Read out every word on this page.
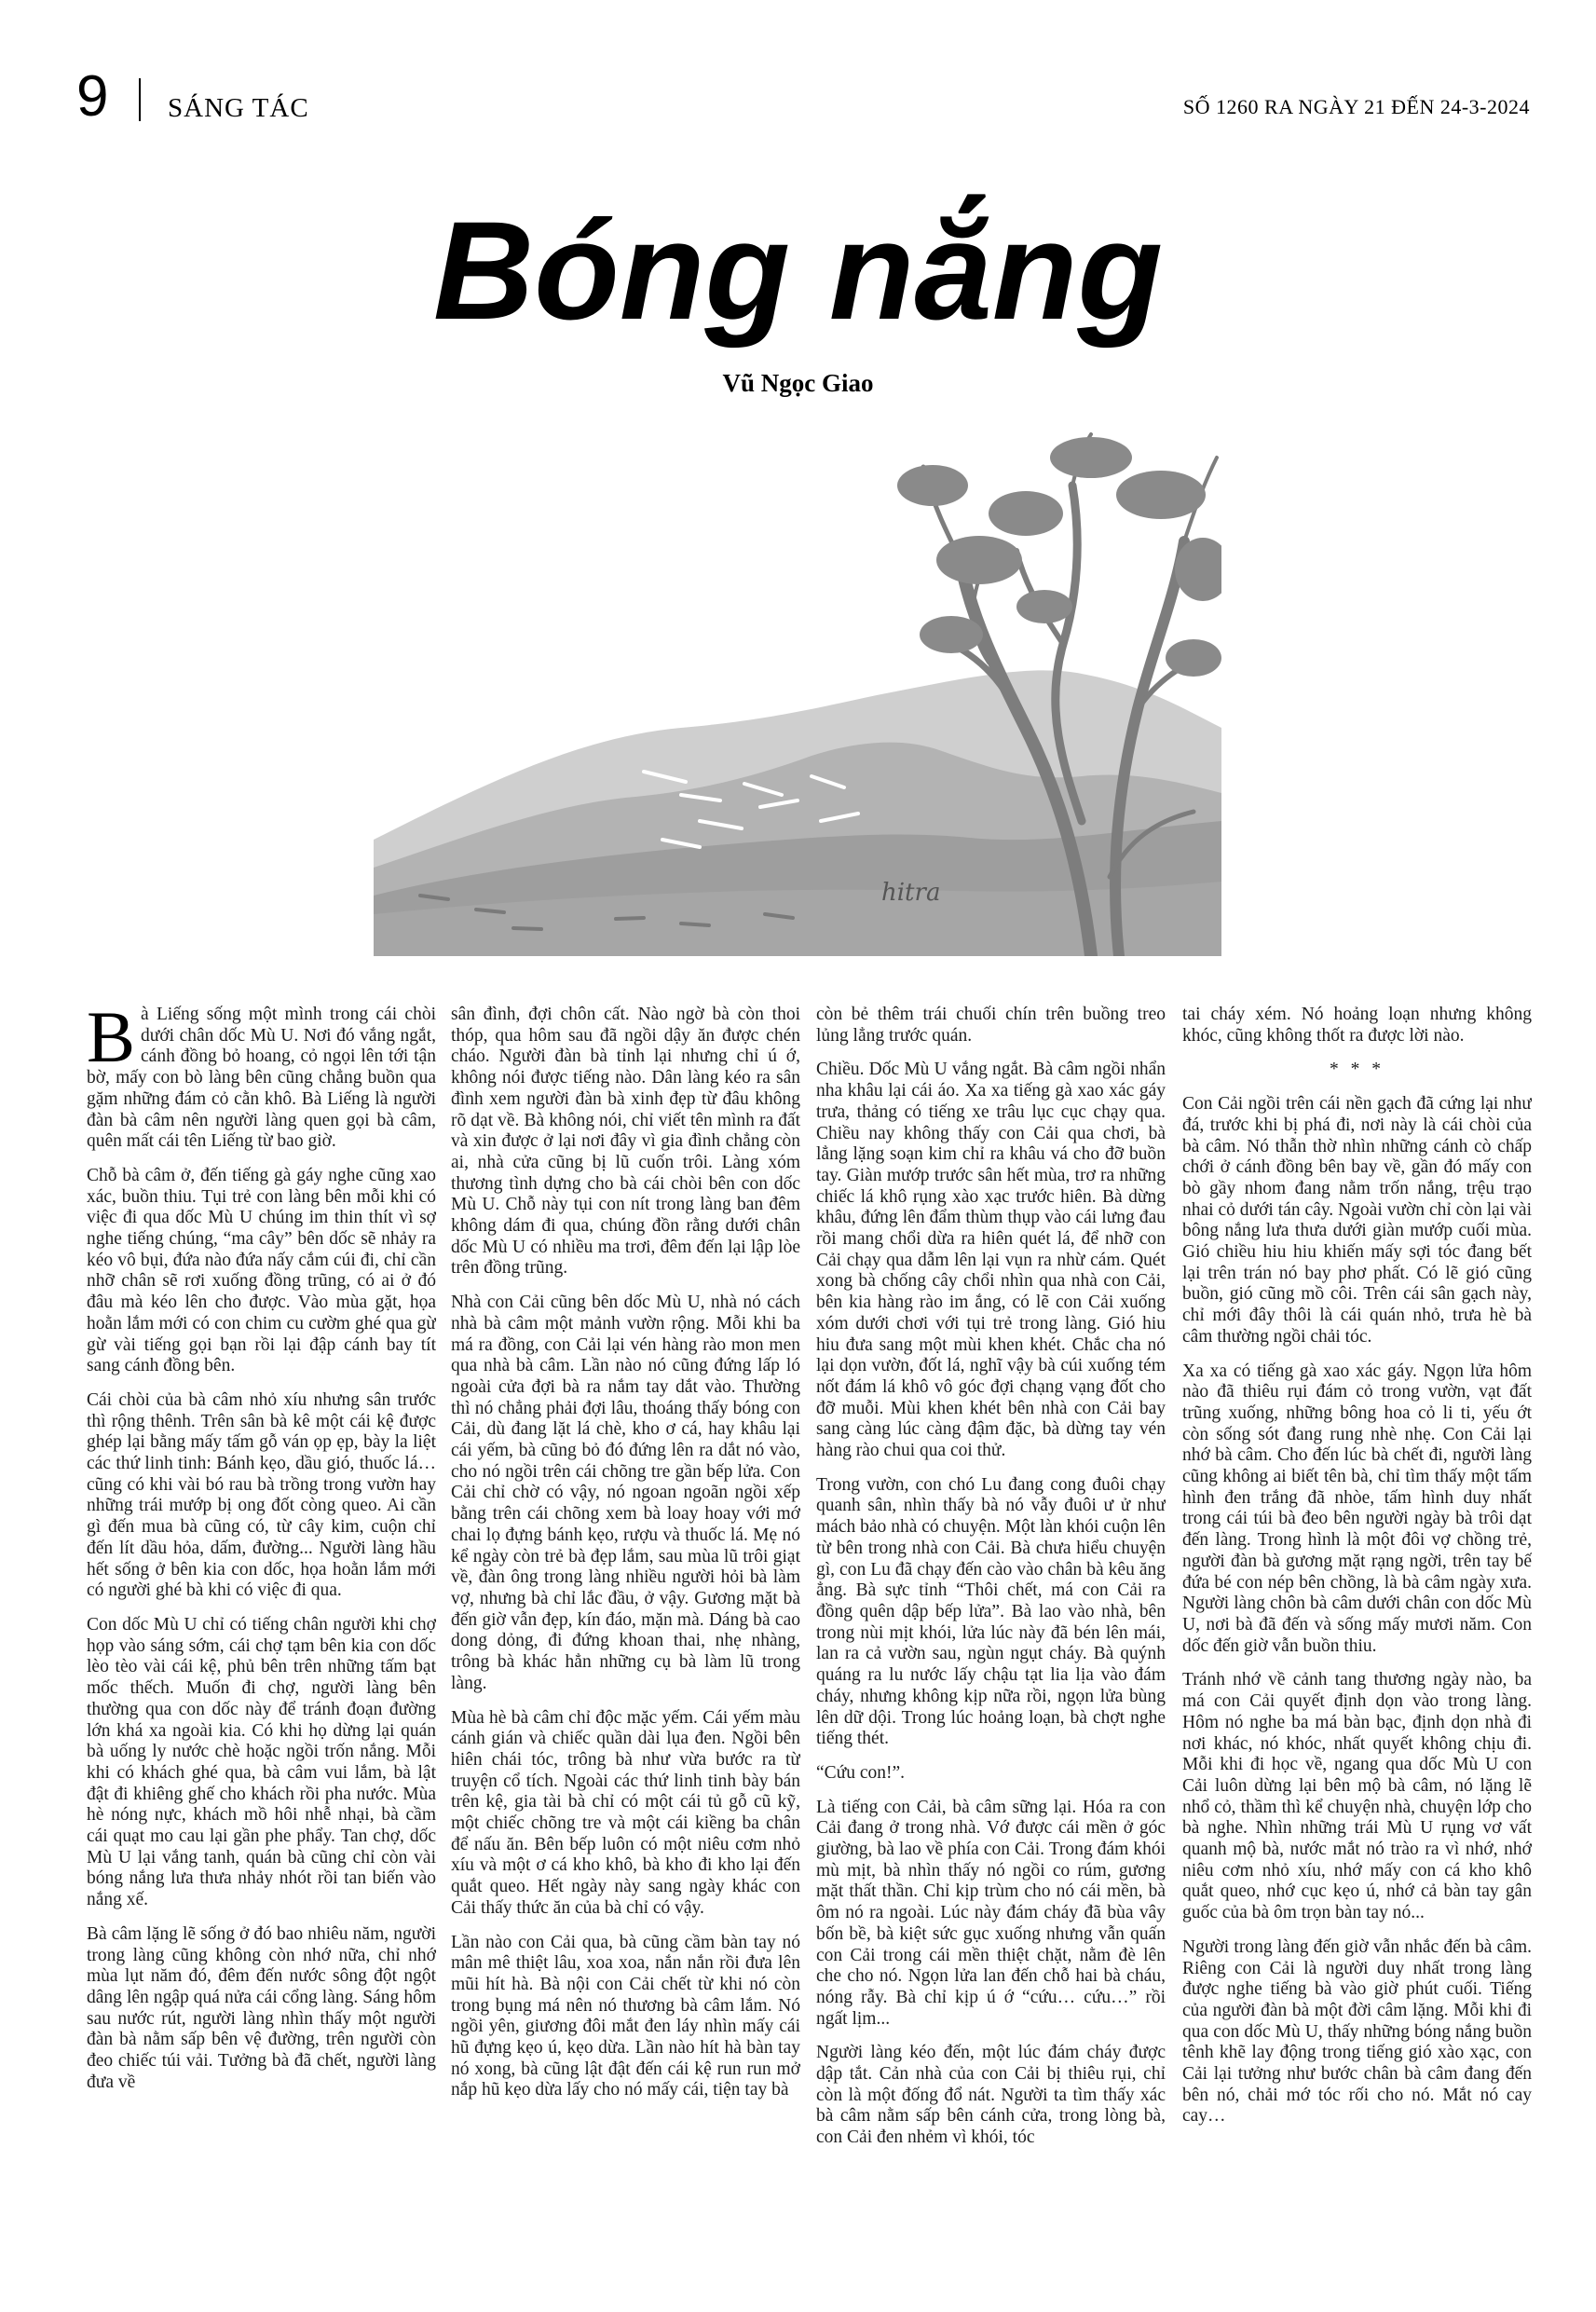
9 SÁNG TÁC	SỐ 1260 RA NGÀY 21 ĐẾN 24-3-2024
Bóng nắng
Vũ Ngọc Giao
hitra

Bà Liếng sống một mình trong cái chòi dưới chân dốc Mù U. Nơi đó vắng ngắt, cánh đồng bỏ hoang, cỏ ngọi lên tới tận bờ, mấy con bò làng bên cũng chẳng buồn qua gặm những đám cỏ cằn khô. Bà Liếng là người đàn bà câm nên người làng quen gọi bà câm, quên mất cái tên Liếng từ bao giờ.

Chỗ bà câm ở, đến tiếng gà gáy nghe cũng xao xác, buồn thiu. Tụi trẻ con làng bên mỗi khi có việc đi qua dốc Mù U chúng im thin thít vì sợ nghe tiếng chúng, “ma cây” bên dốc sẽ nhảy ra kéo vô bụi, đứa nào đứa nấy cắm cúi đi, chỉ cần nhỡ chân sẽ rơi xuống đồng trũng, có ai ở đó đâu mà kéo lên cho được. Vào mùa gặt, họa hoằn lắm mới có con chim cu cườm ghé qua gừ gừ vài tiếng gọi bạn rồi lại đập cánh bay tít sang cánh đồng bên.

Cái chòi của bà câm nhỏ xíu nhưng sân trước thì rộng thênh. Trên sân bà kê một cái kệ được ghép lại bằng mấy tấm gỗ ván ọp ẹp, bày la liệt các thứ linh tinh: Bánh kẹo, dầu gió, thuốc lá… cũng có khi vài bó rau bà trồng trong vườn hay những trái mướp bị ong đốt còng queo. Ai cần gì đến mua bà cũng có, từ cây kim, cuộn chỉ đến lít dầu hỏa, dấm, đường... Người làng hầu hết sống ở bên kia con dốc, họa hoằn lắm mới có người ghé bà khi có việc đi qua.

Con dốc Mù U chỉ có tiếng chân người khi chợ họp vào sáng sớm, cái chợ tạm bên kia con dốc lèo tèo vài cái kệ, phủ bên trên những tấm bạt mốc thếch. Muốn đi chợ, người làng bên thường qua con dốc này để tránh đoạn đường lớn khá xa ngoài kia. Có khi họ dừng lại quán bà uống ly nước chè hoặc ngồi trốn nắng. Mỗi khi có khách ghé qua, bà câm vui lắm, bà lật đật đi khiêng ghế cho khách rồi pha nước. Mùa hè nóng nực, khách mồ hôi nhễ nhại, bà cầm cái quạt mo cau lại gần phe phẩy. Tan chợ, dốc Mù U lại vắng tanh, quán bà cũng chỉ còn vài bóng nắng lưa thưa nhảy nhót rồi tan biến vào nắng xế.

Bà câm lặng lẽ sống ở đó bao nhiêu năm, người trong làng cũng không còn nhớ nữa, chỉ nhớ mùa lụt năm đó, đêm đến nước sông đột ngột dâng lên ngập quá nửa cái cổng làng. Sáng hôm sau nước rút, người làng nhìn thấy một người đàn bà nằm sấp bên vệ đường, trên người còn đeo chiếc túi vải. Tưởng bà đã chết, người làng đưa về

sân đình, đợi chôn cất. Nào ngờ bà còn thoi thóp, qua hôm sau đã ngồi dậy ăn được chén cháo. Người đàn bà tỉnh lại nhưng chỉ ú ớ, không nói được tiếng nào. Dân làng kéo ra sân đình xem người đàn bà xinh đẹp từ đâu không rõ dạt về. Bà không nói, chỉ viết tên mình ra đất và xin được ở lại nơi đây vì gia đình chẳng còn ai, nhà cửa cũng bị lũ cuốn trôi. Làng xóm thương tình dựng cho bà cái chòi bên con dốc Mù U. Chỗ này tụi con nít trong làng ban đêm không dám đi qua, chúng đồn rằng dưới chân dốc Mù U có nhiều ma trơi, đêm đến lại lập lòe trên đồng trũng.

Nhà con Cải cũng bên dốc Mù U, nhà nó cách nhà bà câm một mảnh vườn rộng. Mỗi khi ba má ra đồng, con Cải lại vén hàng rào mon men qua nhà bà câm. Lần nào nó cũng đứng lấp ló ngoài cửa đợi bà ra nắm tay dắt vào. Thường thì nó chẳng phải đợi lâu, thoáng thấy bóng con Cải, dù đang lặt lá chè, kho ơ cá, hay khâu lại cái yếm, bà cũng bỏ đó đứng lên ra dắt nó vào, cho nó ngồi trên cái chõng tre gần bếp lửa. Con Cải chỉ chờ có vậy, nó ngoan ngoãn ngồi xếp bằng trên cái chõng xem bà loay hoay với mớ chai lọ đựng bánh kẹo, rượu và thuốc lá. Mẹ nó kể ngày còn trẻ bà đẹp lắm, sau mùa lũ trôi giạt về, đàn ông trong làng nhiều người hỏi bà làm vợ, nhưng bà chỉ lắc đầu, ở vậy. Gương mặt bà đến giờ vẫn đẹp, kín đáo, mặn mà. Dáng bà cao dong dỏng, đi đứng khoan thai, nhẹ nhàng, trông bà khác hẳn những cụ bà làm lũ trong làng.

Mùa hè bà câm chỉ độc mặc yếm. Cái yếm màu cánh gián và chiếc quần dài lụa đen. Ngồi bên hiên chái tóc, trông bà như vừa bước ra từ truyện cổ tích. Ngoài các thứ linh tinh bày bán trên kệ, gia tài bà chỉ có một cái tủ gỗ cũ kỹ, một chiếc chõng tre và một cái kiềng ba chân để nấu ăn. Bên bếp luôn có một niêu cơm nhỏ xíu và một ơ cá kho khô, bà kho đi kho lại đến quắt queo. Hết ngày này sang ngày khác con Cải thấy thức ăn của bà chỉ có vậy.

Lần nào con Cải qua, bà cũng cầm bàn tay nó mân mê thiệt lâu, xoa xoa, nắn nắn rồi đưa lên mũi hít hà. Bà nội con Cải chết từ khi nó còn trong bụng má nên nó thương bà câm lắm. Nó ngồi yên, giương đôi mắt đen láy nhìn mấy cái hũ đựng kẹo ú, kẹo dừa. Lần nào hít hà bàn tay nó xong, bà cũng lật đật đến cái kệ run run mở nắp hũ kẹo dừa lấy cho nó mấy cái, tiện tay bà

còn bẻ thêm trái chuối chín trên buồng treo lủng lẳng trước quán.

Chiều. Dốc Mù U vắng ngắt. Bà câm ngồi nhẩn nha khâu lại cái áo. Xa xa tiếng gà xao xác gáy trưa, thảng có tiếng xe trâu lục cục chạy qua. Chiều nay không thấy con Cải qua chơi, bà lẳng lặng soạn kim chỉ ra khâu vá cho đỡ buồn tay. Giàn mướp trước sân hết mùa, trơ ra những chiếc lá khô rụng xào xạc trước hiên. Bà dừng khâu, đứng lên đẩm thùm thụp vào cái lưng đau rồi mang chổi dừa ra hiên quét lá, để nhỡ con Cải chạy qua dẫm lên lại vụn ra nhừ cám. Quét xong bà chống cây chổi nhìn qua nhà con Cải, bên kia hàng rào im ắng, có lẽ con Cải xuống xóm dưới chơi với tụi trẻ trong làng. Gió hiu hiu đưa sang một mùi khen khét. Chắc cha nó lại dọn vườn, đốt lá, nghĩ vậy bà cúi xuống tém nốt đám lá khô vô góc đợi chạng vạng đốt cho đỡ muỗi. Mùi khen khét bên nhà con Cải bay sang càng lúc càng đậm đặc, bà dừng tay vén hàng rào chui qua coi thử.

Trong vườn, con chó Lu đang cong đuôi chạy quanh sân, nhìn thấy bà nó vẫy đuôi ư ử như mách bảo nhà có chuyện. Một làn khói cuộn lên từ bên trong nhà con Cải. Bà chưa hiểu chuyện gì, con Lu đã chạy đến cào vào chân bà kêu ăng ẳng. Bà sực tỉnh “Thôi chết, má con Cải ra đồng quên dập bếp lửa”. Bà lao vào nhà, bên trong nùi mịt khói, lửa lúc này đã bén lên mái, lan ra cả vườn sau, ngùn ngụt cháy. Bà quýnh quáng ra lu nước lấy chậu tạt lia lịa vào đám cháy, nhưng không kịp nữa rồi, ngọn lửa bùng lên dữ dội. Trong lúc hoảng loạn, bà chợt nghe tiếng thét.

“Cứu con!”.

Là tiếng con Cải, bà câm sững lại. Hóa ra con Cải đang ở trong nhà. Vớ được cái mền ở góc giường, bà lao về phía con Cải. Trong đám khói mù mịt, bà nhìn thấy nó ngồi co rúm, gương mặt thất thần. Chỉ kịp trùm cho nó cái mền, bà ôm nó ra ngoài. Lúc này đám cháy đã bùa vây bốn bề, bà kiệt sức gục xuống nhưng vẫn quấn con Cải trong cái mền thiệt chặt, nằm đè lên che cho nó. Ngọn lửa lan đến chỗ hai bà cháu, nóng rẫy. Bà chỉ kịp ú ớ “cứu… cứu…” rồi ngất lịm...

Người làng kéo đến, một lúc đám cháy được dập tắt. Cản nhà của con Cải bị thiêu rụi, chỉ còn là một đống đổ nát. Người ta tìm thấy xác bà câm nằm sấp bên cánh cửa, trong lòng bà, con Cải đen nhẻm vì khói, tóc

tai cháy xém. Nó hoảng loạn nhưng không khóc, cũng không thốt ra được lời nào.

* * *

Con Cải ngồi trên cái nền gạch đã cứng lại như đá, trước khi bị phá đi, nơi này là cái chòi của bà câm. Nó thẫn thờ nhìn những cánh cò chấp chới ở cánh đồng bên bay về, gần đó mấy con bò gầy nhom đang nằm trốn nắng, trệu trạo nhai cỏ dưới tán cây. Ngoài vườn chỉ còn lại vài bông nắng lưa thưa dưới giàn mướp cuối mùa. Gió chiều hiu hiu khiến mấy sợi tóc đang bết lại trên trán nó bay phơ phất. Có lẽ gió cũng buồn, gió cũng mồ côi. Trên cái sân gạch này, chỉ mới đây thôi là cái quán nhỏ, trưa hè bà câm thường ngồi chải tóc.

Xa xa có tiếng gà xao xác gáy. Ngọn lửa hôm nào đã thiêu rụi đám cỏ trong vườn, vạt đất trũng xuống, những bông hoa cỏ li ti, yếu ớt còn sống sót đang rung nhè nhẹ. Con Cải lại nhớ bà câm. Cho đến lúc bà chết đi, người làng cũng không ai biết tên bà, chỉ tìm thấy một tấm hình đen trắng đã nhòe, tấm hình duy nhất trong cái túi bà đeo bên người ngày bà trôi dạt đến làng. Trong hình là một đôi vợ chồng trẻ, người đàn bà gương mặt rạng ngời, trên tay bế đứa bé con nép bên chồng, là bà câm ngày xưa. Người làng chôn bà câm dưới chân con dốc Mù U, nơi bà đã đến và sống mấy mươi năm. Con dốc đến giờ vẫn buồn thiu.

Tránh nhớ về cảnh tang thương ngày nào, ba má con Cải quyết định dọn vào trong làng. Hôm nó nghe ba má bàn bạc, định dọn nhà đi nơi khác, nó khóc, nhất quyết không chịu đi. Mỗi khi đi học về, ngang qua dốc Mù U con Cải luôn dừng lại bên mộ bà câm, nó lặng lẽ nhổ cỏ, thầm thì kể chuyện nhà, chuyện lớp cho bà nghe. Nhìn những trái Mù U rụng vơ vất quanh mộ bà, nước mắt nó trào ra vì nhớ, nhớ niêu cơm nhỏ xíu, nhớ mấy con cá kho khô quắt queo, nhớ cục kẹo ú, nhớ cả bàn tay gân guốc của bà ôm trọn bàn tay nó...

Người trong làng đến giờ vẫn nhắc đến bà câm. Riêng con Cải là người duy nhất trong làng được nghe tiếng bà vào giờ phút cuối. Tiếng của người đàn bà một đời câm lặng. Mỗi khi đi qua con dốc Mù U, thấy những bóng nắng buồn tênh khẽ lay động trong tiếng gió xào xạc, con Cải lại tưởng như bước chân bà câm đang đến bên nó, chải mớ tóc rối cho nó. Mắt nó cay cay…
